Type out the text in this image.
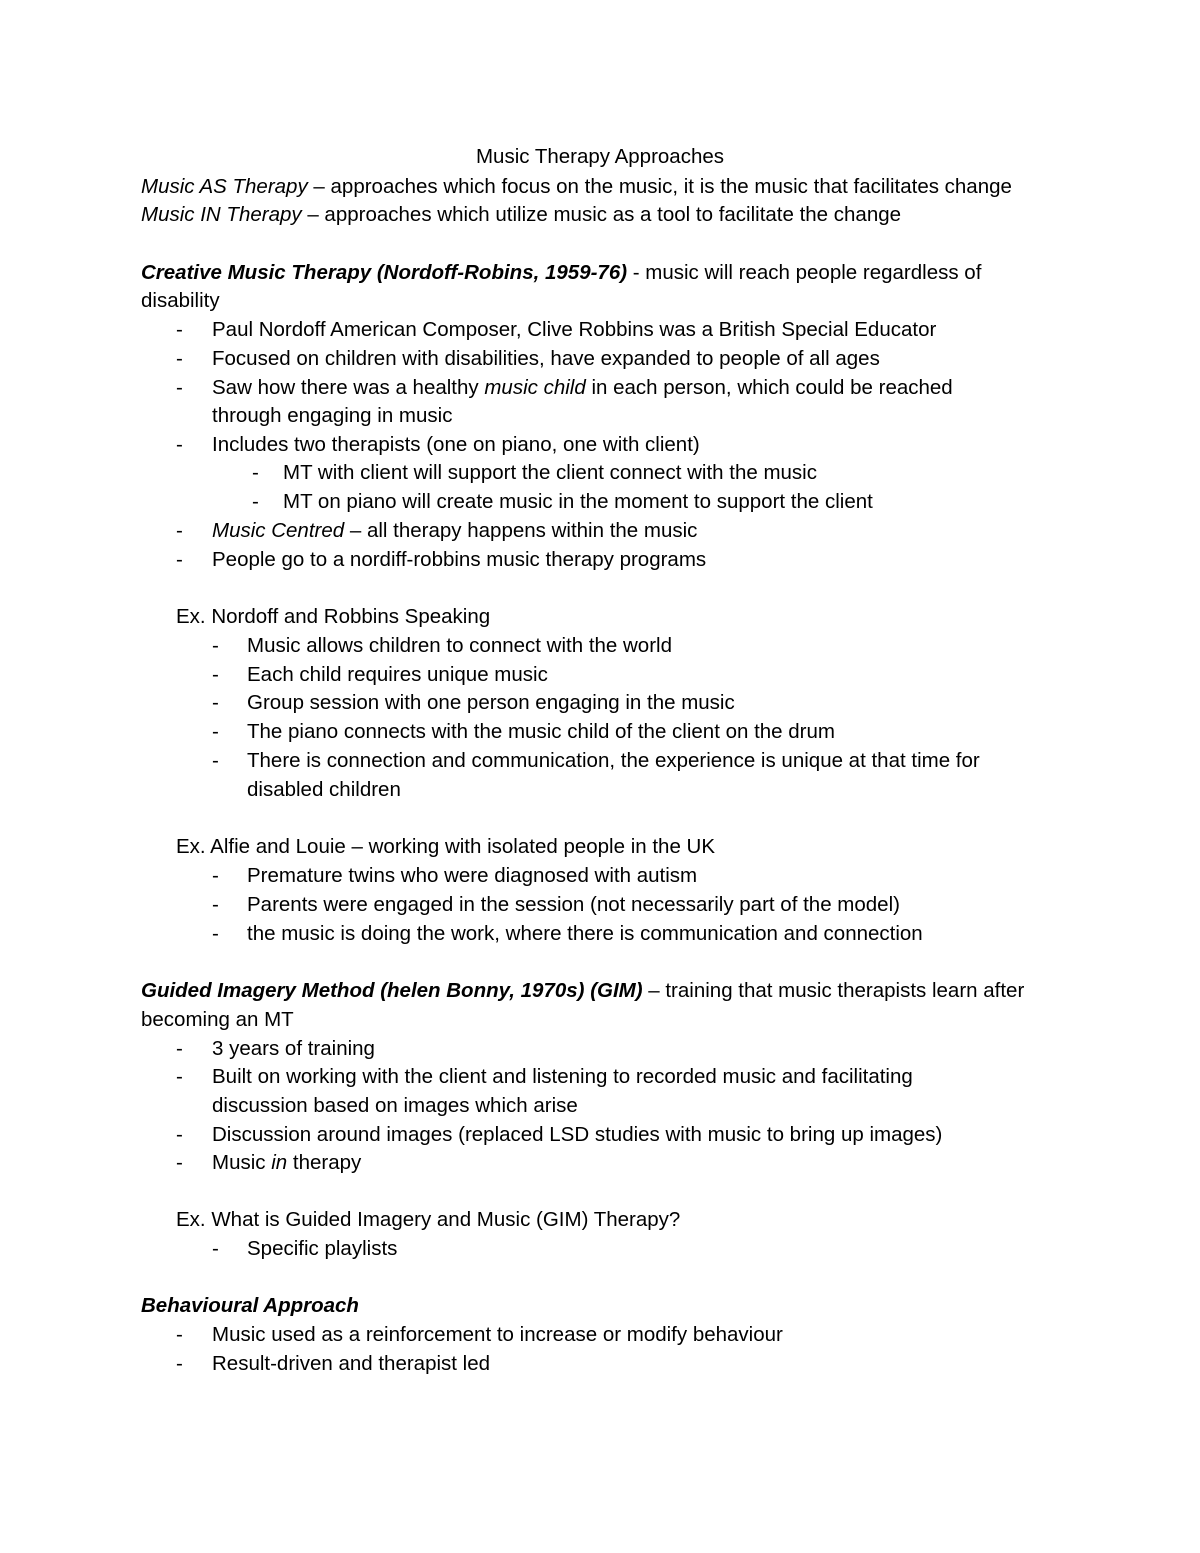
Music Therapy Approaches
Music AS Therapy – approaches which focus on the music, it is the music that facilitates change
Music IN Therapy – approaches which utilize music as a tool to facilitate the change
Creative Music Therapy (Nordoff-Robins, 1959-76) - music will reach people regardless of
disability
- Paul Nordoff American Composer, Clive Robbins was a British Special Educator
- Focused on children with disabilities, have expanded to people of all ages
- Saw how there was a healthy music child in each person, which could be reached
through engaging in music
- Includes two therapists (one on piano, one with client)
- MT with client will support the client connect with the music
- MT on piano will create music in the moment to support the client
- Music Centred – all therapy happens within the music
- People go to a nordiff-robbins music therapy programs
Ex. Nordoff and Robbins Speaking
- Music allows children to connect with the world
- Each child requires unique music
- Group session with one person engaging in the music
- The piano connects with the music child of the client on the drum
- There is connection and communication, the experience is unique at that time for
disabled children
Ex. Alfie and Louie – working with isolated people in the UK
- Premature twins who were diagnosed with autism
- Parents were engaged in the session (not necessarily part of the model)
- the music is doing the work, where there is communication and connection
Guided Imagery Method (helen Bonny, 1970s) (GIM) – training that music therapists learn after
becoming an MT
- 3 years of training
- Built on working with the client and listening to recorded music and facilitating
discussion based on images which arise
- Discussion around images (replaced LSD studies with music to bring up images)
- Music in therapy
Ex. What is Guided Imagery and Music (GIM) Therapy?
- Specific playlists
Behavioural Approach
- Music used as a reinforcement to increase or modify behaviour
- Result-driven and therapist led
